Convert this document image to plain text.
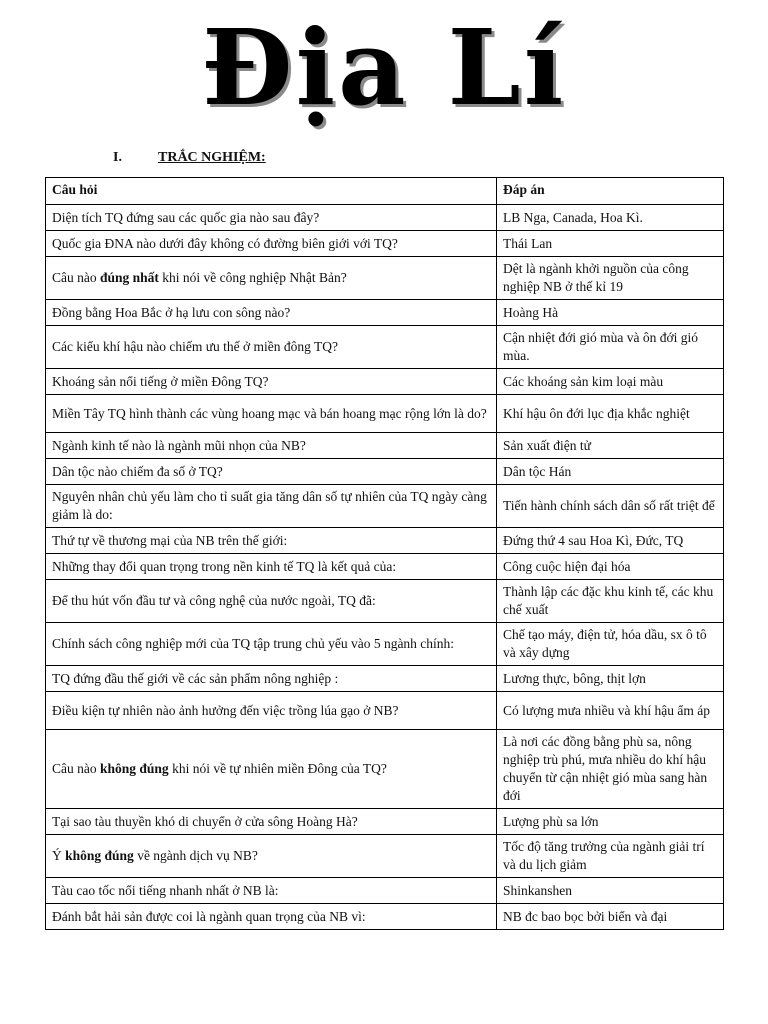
Địa Lí
I.	TRẮC NGHIỆM:
Câu hỏi	Đáp án
Diện tích TQ đứng sau các quốc gia nào sau đây?	LB Nga, Canada, Hoa Kì.
Quốc gia ĐNA nào dưới đây không có đường biên giới với TQ?	Thái Lan
Câu nào đúng nhất khi nói về công nghiệp Nhật Bản?	Dệt là ngành khởi nguồn của công nghiệp NB ở thế kỉ 19
Đồng bằng Hoa Bắc ở hạ lưu con sông nào?	Hoàng Hà
Các kiểu khí hậu nào chiếm ưu thế ở miền đông TQ?	Cận nhiệt đới gió mùa và ôn đới gió mùa.
Khoáng sản nổi tiếng ở miền Đông TQ?	Các khoáng sản kim loại màu
Miền Tây TQ hình thành các vùng hoang mạc và bán hoang mạc rộng lớn là do?	Khí hậu ôn đới lục địa khắc nghiệt
Ngành kinh tế nào là ngành mũi nhọn của NB?	Sản xuất điện tử
Dân tộc nào chiếm đa số ở TQ?	Dân tộc Hán
Nguyên nhân chủ yếu làm cho tỉ suất gia tăng dân số tự nhiên của TQ ngày càng giảm là do:	Tiến hành chính sách dân số rất triệt để
Thứ tự về thương mại của NB trên thế giới:	Đứng thứ 4 sau Hoa Kì, Đức, TQ
Những thay đổi quan trọng trong nền kinh tế TQ là kết quả của:	Công cuộc hiện đại hóa
Để thu hút vốn đầu tư và công nghệ của nước ngoài, TQ đã:	Thành lập các đặc khu kinh tế, các khu chế xuất
Chính sách công nghiệp mới của TQ tập trung chủ yếu vào 5 ngành chính:	Chế tạo máy, điện tử, hóa dầu, sx ô tô và xây dựng
TQ đứng đầu thế giới về các sản phẩm nông nghiệp :	Lương thực, bông, thịt lợn
Điều kiện tự nhiên nào ảnh hưởng đến việc trồng lúa gạo ở NB?	Có lượng mưa nhiều và khí hậu ẩm áp
Câu nào không đúng khi nói về tự nhiên miền Đông của TQ?	Là nơi các đồng bằng phù sa, nông nghiệp trù phú, mưa nhiều do khí hậu chuyển từ cận nhiệt gió mùa sang hàn đới
Tại sao tàu thuyền khó di chuyển ở cửa sông Hoàng Hà?	Lượng phù sa lớn
Ý không đúng về ngành dịch vụ NB?	Tốc độ tăng trưởng của ngành giải trí và du lịch giảm
Tàu cao tốc nổi tiếng nhanh nhất ở NB là:	Shinkanshen
Đánh bắt hải sản được coi là ngành quan trọng của NB vì:	NB đc bao bọc bởi biển và đại
